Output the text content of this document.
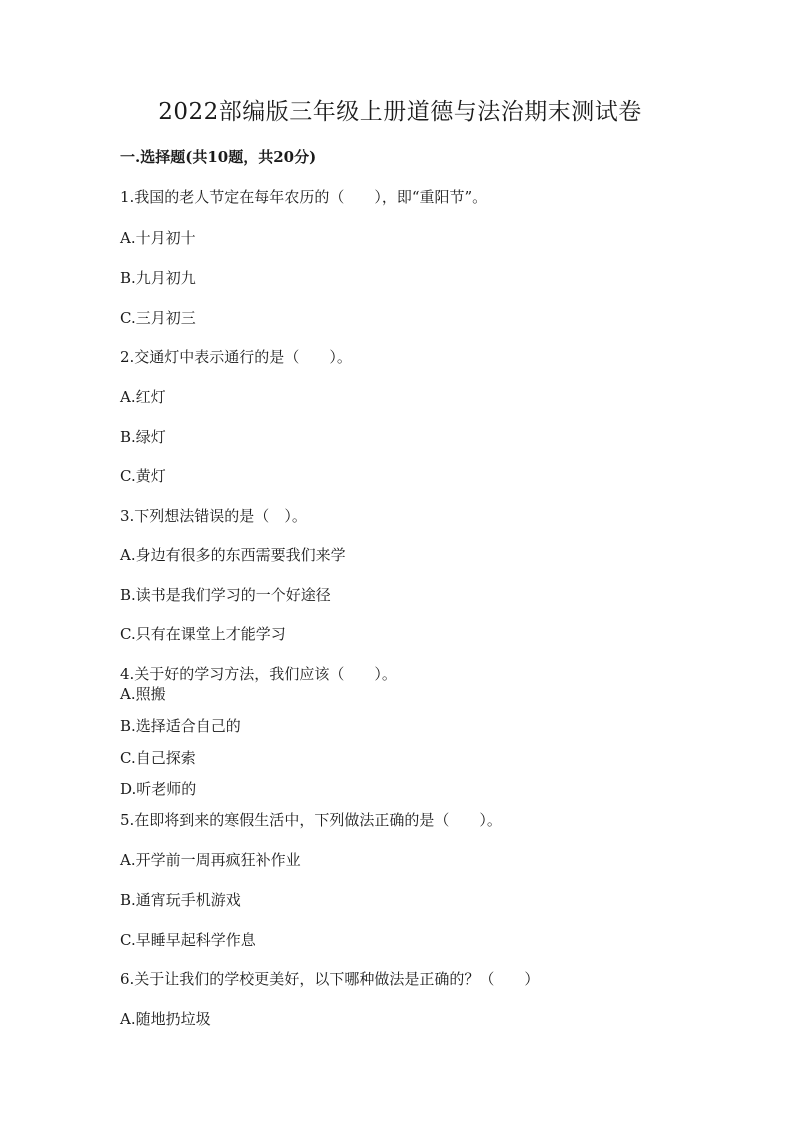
2022部编版三年级上册道德与法治期末测试卷
一.选择题(共10题，共20分)
1.我国的老人节定在每年农历的（　　），即“重阳节”。
A.十月初十
B.九月初九
C.三月初三
2.交通灯中表示通行的是（　　）。
A.红灯
B.绿灯
C.黄灯
3.下列想法错误的是（　）。
A.身边有很多的东西需要我们来学
B.读书是我们学习的一个好途径
C.只有在课堂上才能学习
4.关于好的学习方法，我们应该（　　）。
A.照搬
B.选择适合自己的
C.自己探索
D.听老师的
5.在即将到来的寒假生活中，下列做法正确的是（　　）。
A.开学前一周再疯狂补作业
B.通宵玩手机游戏
C.早睡早起科学作息
6.关于让我们的学校更美好，以下哪种做法是正确的？（　　）
A.随地扔垃圾
